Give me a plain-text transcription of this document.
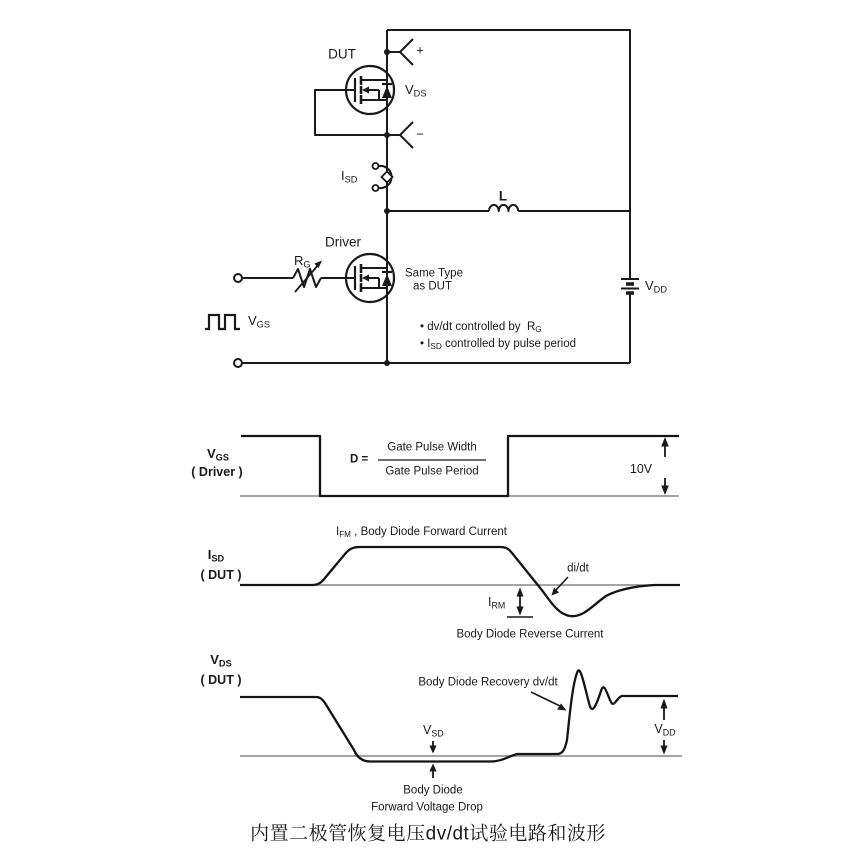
DUT
$V_{DS}$
+
−
$I_{SD}$
L
Driver
$R_G$
Same Type
as DUT
$V_{GS}$
$V_{DD}$
• dv/dt controlled by  $R_G$
• $I_{SD}$ controlled by pulse period
$V_{GS}$
( Driver )
D =
Gate Pulse Width
Gate Pulse Period	10V
$I_{SD}$
( DUT )
$I_{FM}$ , Body Diode Forward Current
di/dt
$I_{RM}$
Body Diode Reverse Current
$V_{DS}$
( DUT )	Body Diode Recovery dv/dt
$V_{SD}$
Body Diode
Forward Voltage Drop
$V_{DD}$
内置二极管恢复电压dv/dt试验电路和波形
